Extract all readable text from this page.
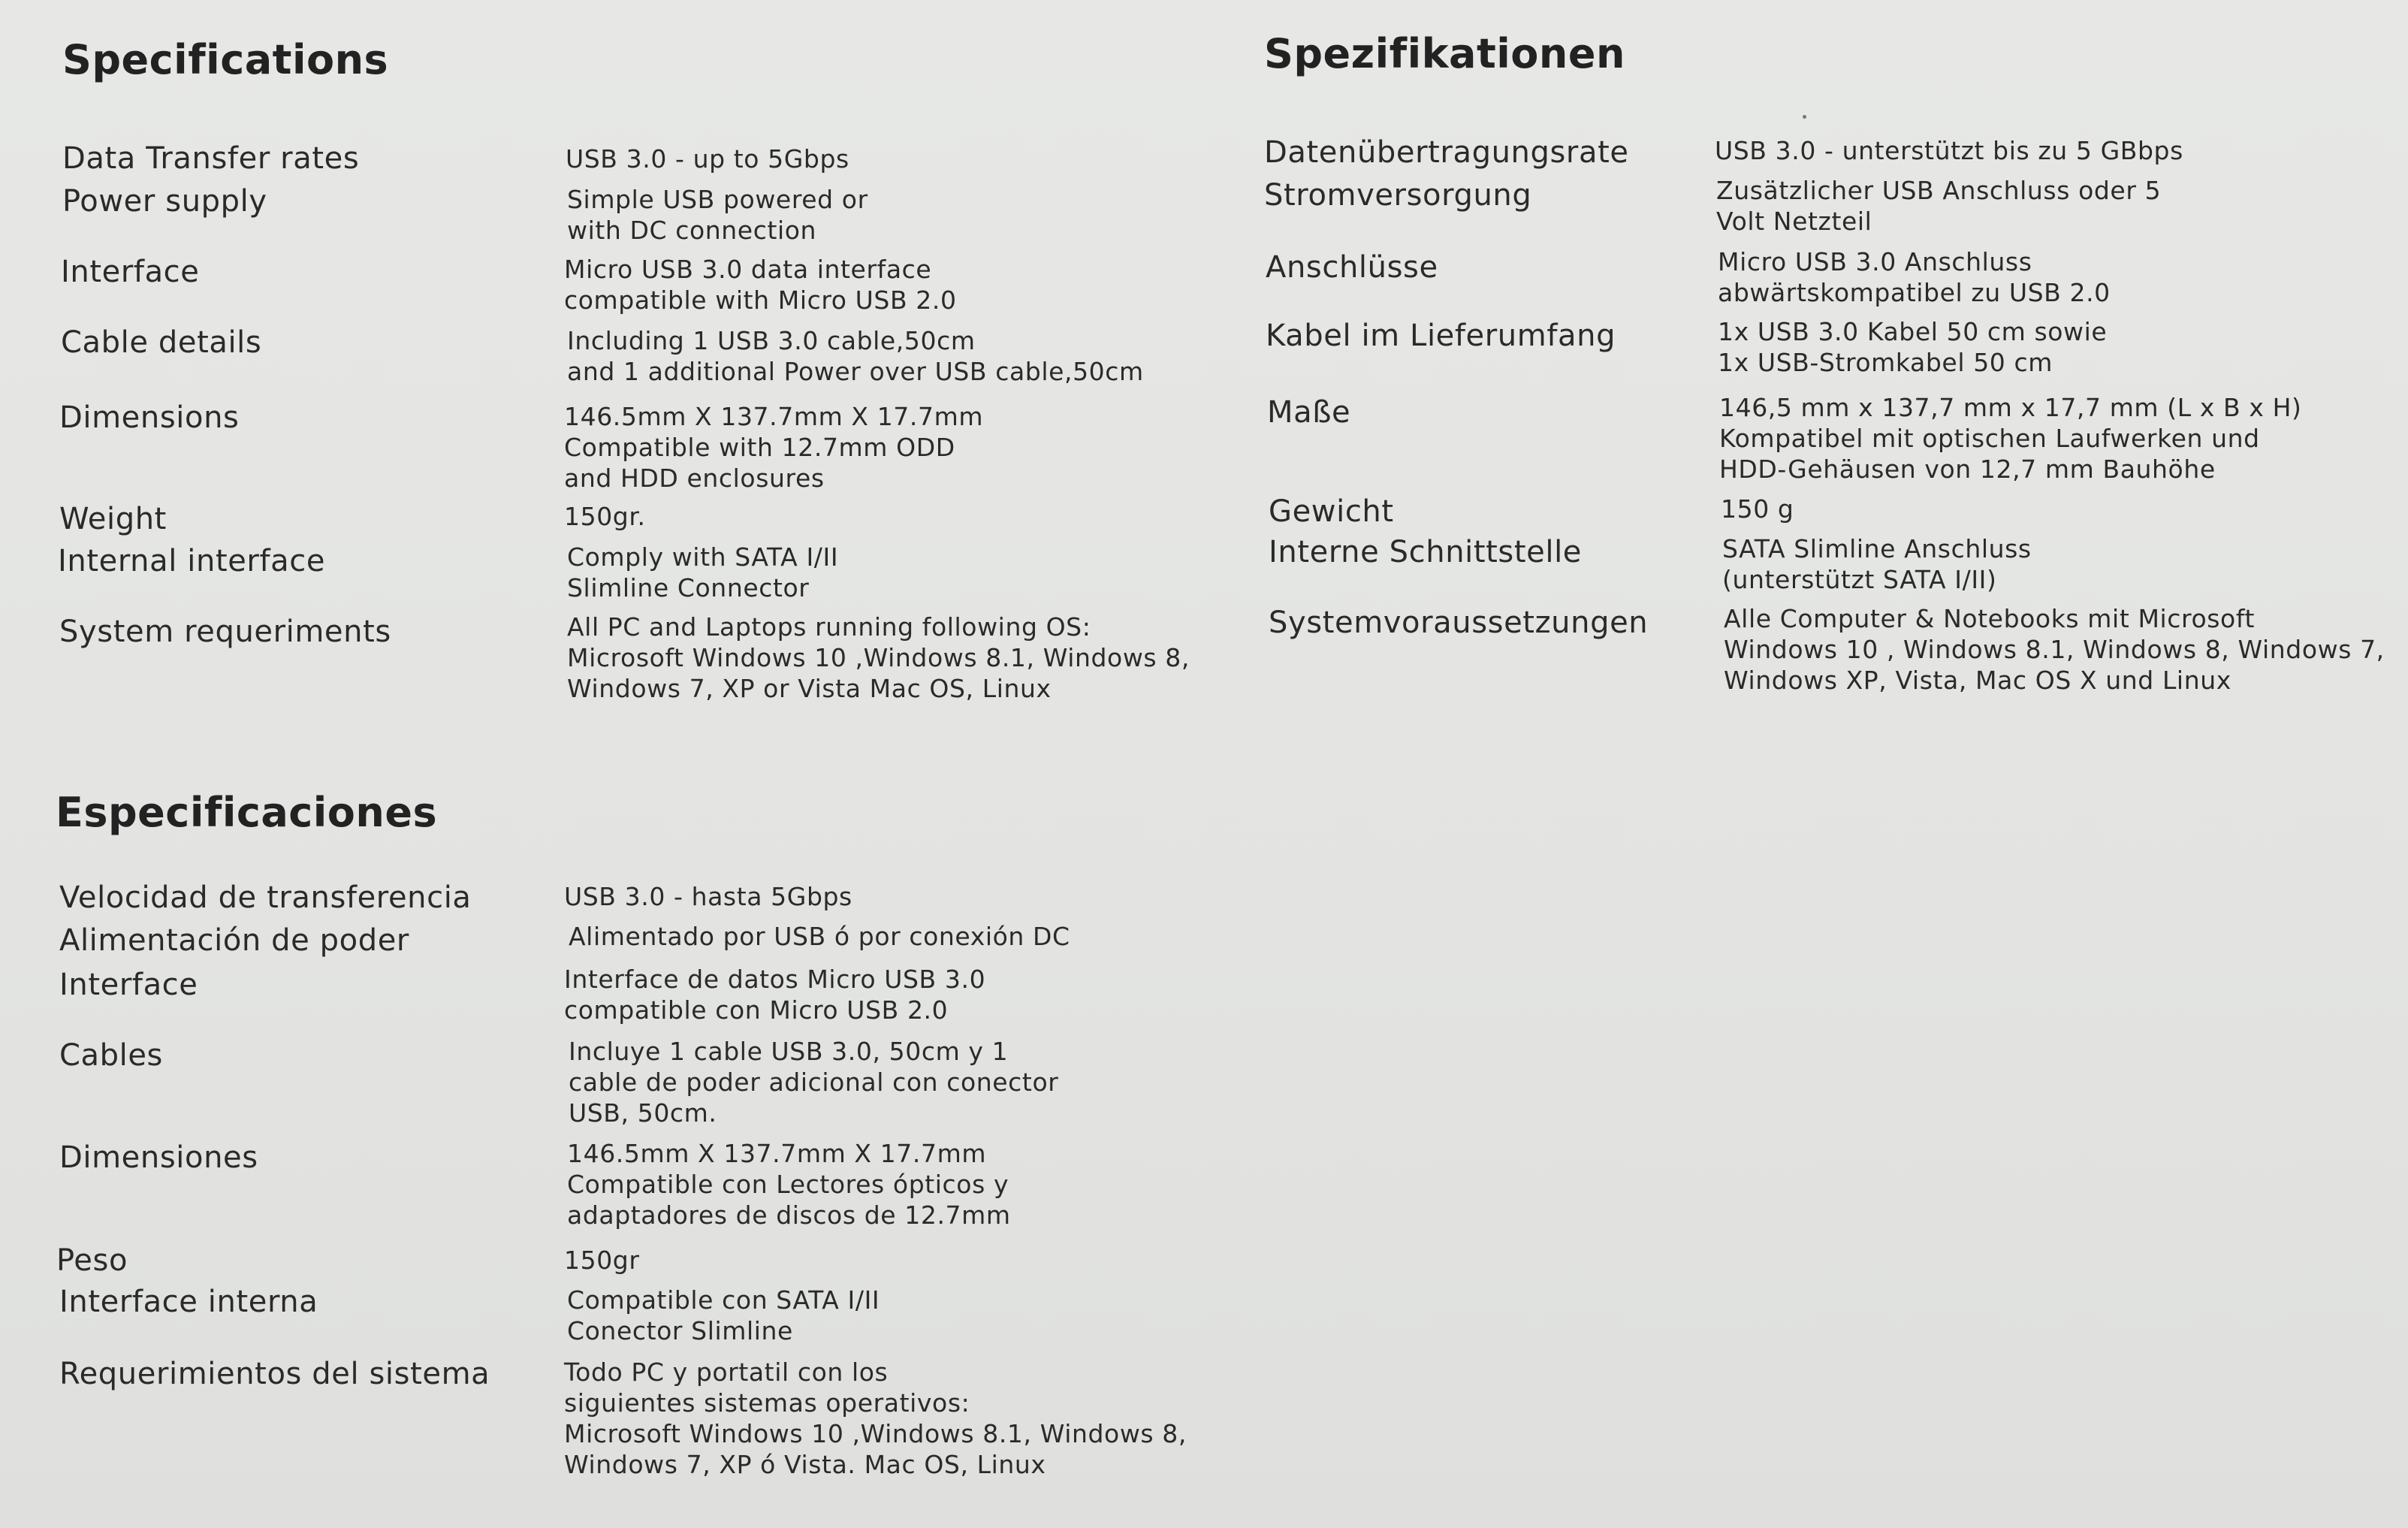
Specifications	Spezifikationen
Especificaciones
Data Transfer rates	USB 3.0 - up to 5Gbps
Power supply	Simple USB powered or
with DC connection
Interface	Micro USB 3.0 data interface
compatible with Micro USB 2.0
Cable details	Including 1 USB 3.0 cable,50cm
and 1 additional Power over USB cable,50cm
Dimensions	146.5mm X 137.7mm X 17.7mm
Compatible with 12.7mm ODD
and HDD enclosures
Weight	150gr.
Internal interface	Comply with SATA I/II
Slimline Connector
System requeriments	All PC and Laptops running following OS:
Microsoft Windows 10 ,Windows 8.1, Windows 8,
Windows 7, XP or Vista Mac OS, Linux
Datenübertragungsrate	USB 3.0 - unterstützt bis zu 5 GBbps
Stromversorgung	Zusätzlicher USB Anschluss oder 5
Volt Netzteil
Anschlüsse	Micro USB 3.0 Anschluss
abwärtskompatibel zu USB 2.0
Kabel im Lieferumfang	1x USB 3.0 Kabel 50 cm sowie
1x USB-Stromkabel 50 cm
Maße	146,5 mm x 137,7 mm x 17,7 mm (L x B x H)
Kompatibel mit optischen Laufwerken und
HDD-Gehäusen von 12,7 mm Bauhöhe
Gewicht	150 g
Interne Schnittstelle	SATA Slimline Anschluss
(unterstützt SATA I/II)
Systemvoraussetzungen	Alle Computer & Notebooks mit Microsoft
Windows 10 , Windows 8.1, Windows 8, Windows 7,
Windows XP, Vista, Mac OS X und Linux
Velocidad de transferencia	USB 3.0 - hasta 5Gbps
Alimentación de poder	Alimentado por USB ó por conexión DC
Interface	Interface de datos Micro USB 3.0
compatible con Micro USB 2.0
Cables	Incluye 1 cable USB 3.0, 50cm y 1
cable de poder adicional con conector
USB, 50cm.
Dimensiones	146.5mm X 137.7mm X 17.7mm
Compatible con Lectores ópticos y
adaptadores de discos de 12.7mm
Peso	150gr
Interface interna	Compatible con SATA I/II
Conector Slimline
Requerimientos del sistema	Todo PC y portatil con los
siguientes sistemas operativos:
Microsoft Windows 10 ,Windows 8.1, Windows 8,
Windows 7, XP ó Vista. Mac OS, Linux
